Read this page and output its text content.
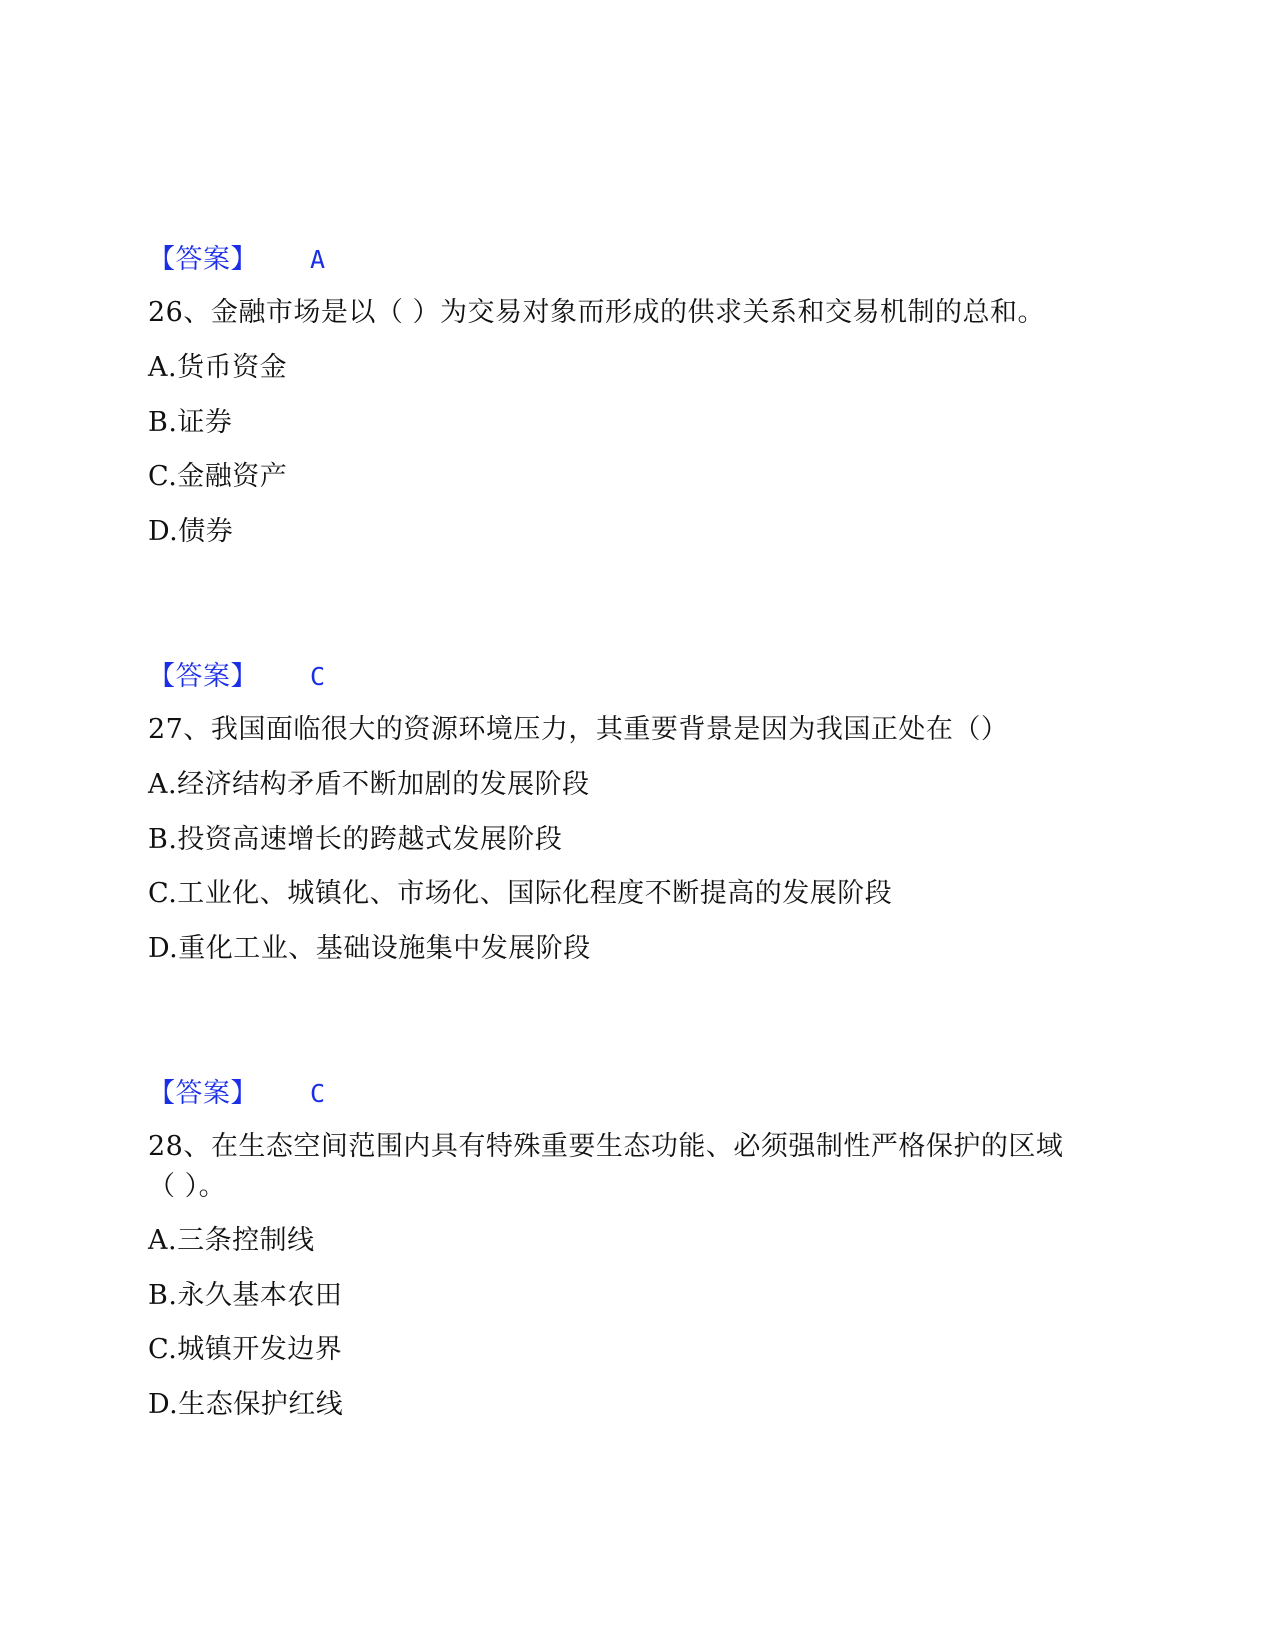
【答案】 A
26、金融市场是以（ ）为交易对象而形成的供求关系和交易机制的总和。
A.货币资金
B.证券
C.金融资产
D.债券
【答案】 C
27、我国面临很大的资源环境压力，其重要背景是因为我国正处在（）
A.经济结构矛盾不断加剧的发展阶段
B.投资高速增长的跨越式发展阶段
C.工业化、城镇化、市场化、国际化程度不断提高的发展阶段
D.重化工业、基础设施集中发展阶段
【答案】 C
28、在生态空间范围内具有特殊重要生态功能、必须强制性严格保护的区域
（ ）。
A.三条控制线
B.永久基本农田
C.城镇开发边界
D.生态保护红线
